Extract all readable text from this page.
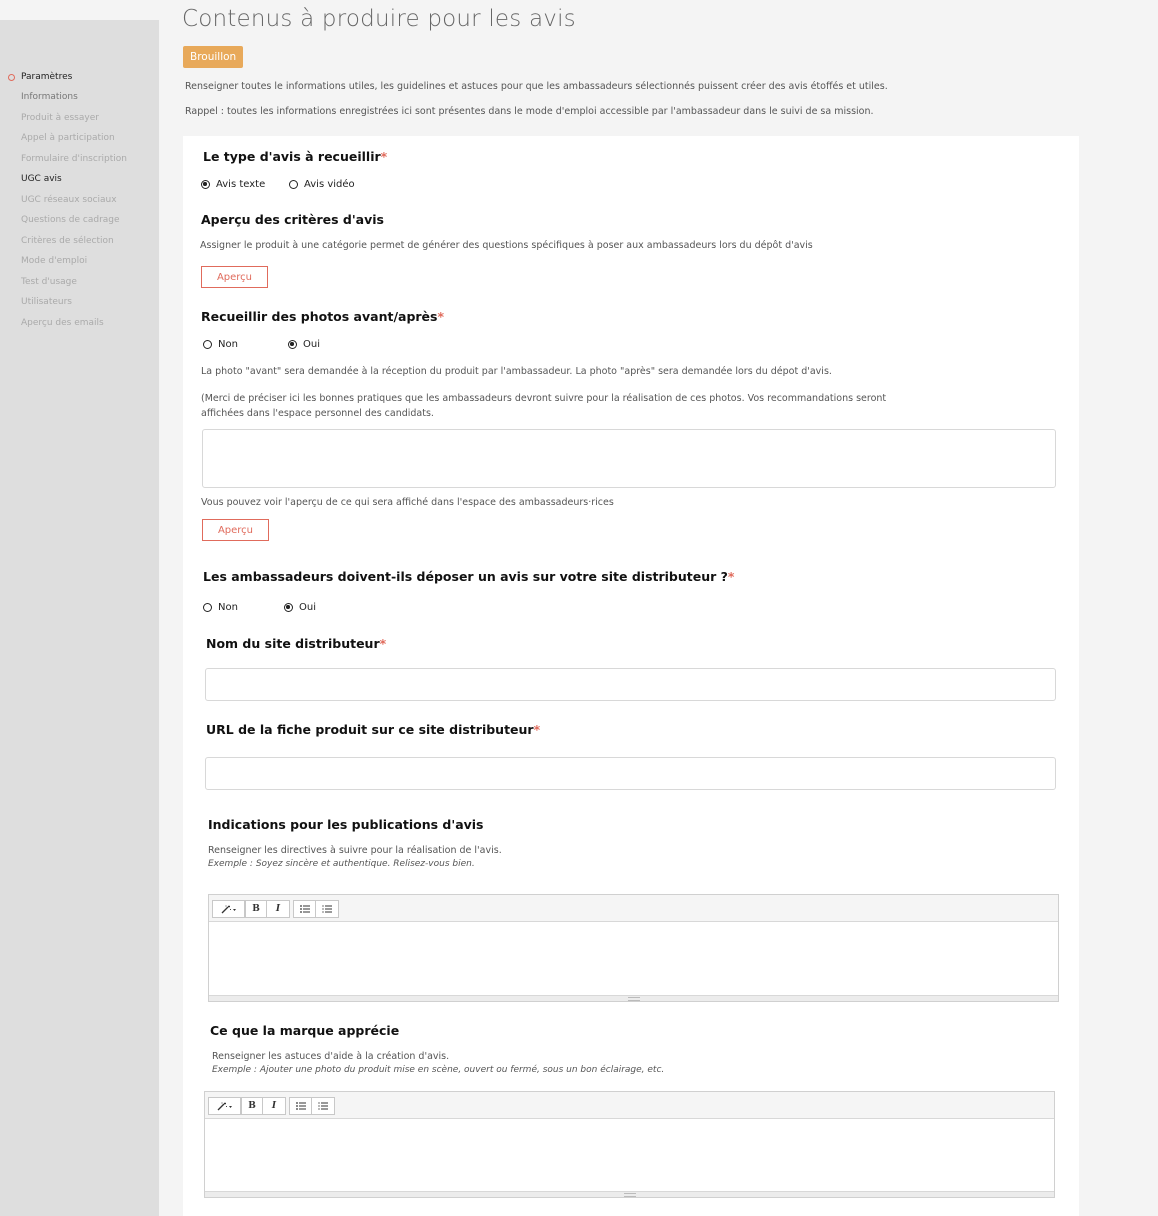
Paramètres
Informations
Produit à essayer
Appel à participation
Formulaire d'inscription
UGC avis
UGC réseaux sociaux
Questions de cadrage
Critères de sélection
Mode d'emploi
Test d'usage
Utilisateurs
Aperçu des emails
Contenus à produire pour les avis
Brouillon

Renseigner toutes le informations utiles, les guidelines et astuces pour que les ambassadeurs sélectionnés puissent créer des avis étoffés et utiles.

Rappel : toutes les informations enregistrées ici sont présentes dans le mode d'emploi accessible par l'ambassadeur dans le suivi de sa mission.

Le type d'avis à recueillir*
Avis texte	Avis vidéo
Aperçu des critères d'avis
Assigner le produit à une catégorie permet de générer des questions spécifiques à poser aux ambassadeurs lors du dépôt d'avis
Aperçu
Recueillir des photos avant/après*
Non	Oui
La photo "avant" sera demandée à la réception du produit par l'ambassadeur. La photo "après" sera demandée lors du dépot d'avis.
(Merci de préciser ici les bonnes pratiques que les ambassadeurs devront suivre pour la réalisation de ces photos. Vos recommandations seront affichées dans l'espace personnel des candidats.
Vous pouvez voir l'aperçu de ce qui sera affiché dans l'espace des ambassadeurs·rices
Aperçu
Les ambassadeurs doivent-ils déposer un avis sur votre site distributeur ?*
Non	Oui
Nom du site distributeur*
URL de la fiche produit sur ce site distributeur*
Indications pour les publications d'avis
Renseigner les directives à suivre pour la réalisation de l'avis.
Exemple : Soyez sincère et authentique. Relisez-vous bien.
B	I
Ce que la marque apprécie
Renseigner les astuces d'aide à la création d'avis.
Exemple : Ajouter une photo du produit mise en scène, ouvert ou fermé, sous un bon éclairage, etc.
B	I
